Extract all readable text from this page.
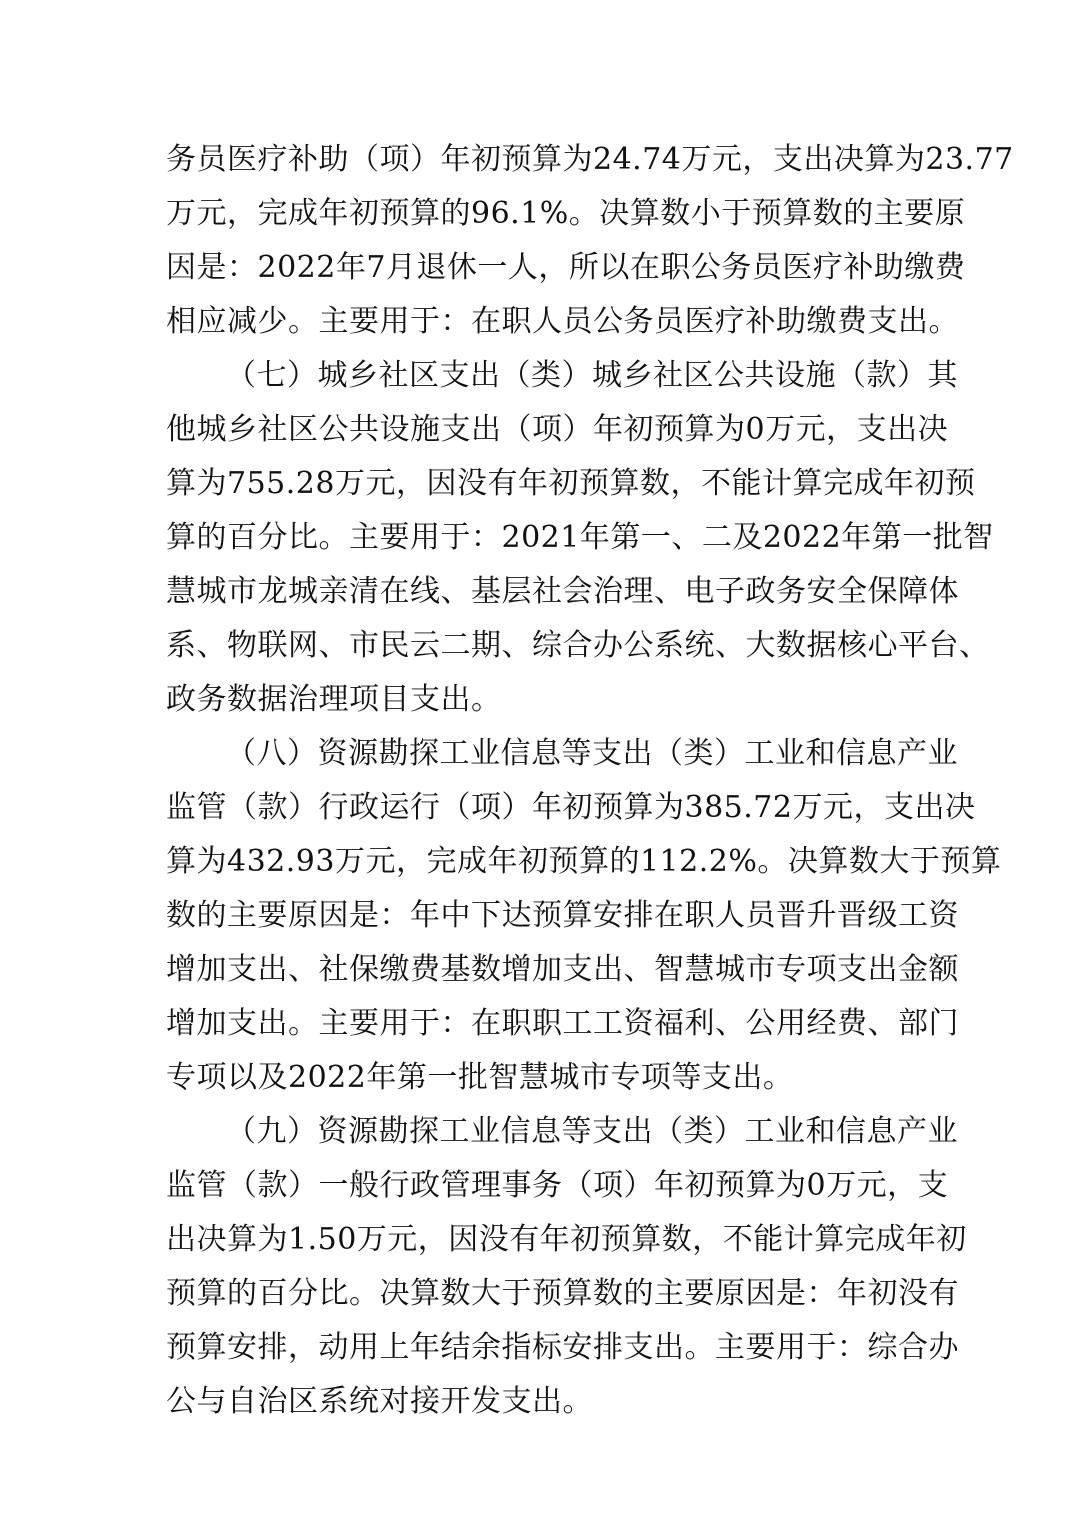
务员医疗补助（项）年初预算为24.74万元，支出决算为23.77
万元，完成年初预算的96.1%。决算数小于预算数的主要原
因是：2022年7月退休一人，所以在职公务员医疗补助缴费
相应减少。主要用于：在职人员公务员医疗补助缴费支出。
（七）城乡社区支出（类）城乡社区公共设施（款）其
他城乡社区公共设施支出（项）年初预算为0万元，支出决
算为755.28万元，因没有年初预算数，不能计算完成年初预
算的百分比。主要用于：2021年第一、二及2022年第一批智
慧城市龙城亲清在线、基层社会治理、电子政务安全保障体
系、物联网、市民云二期、综合办公系统、大数据核心平台、
政务数据治理项目支出。
（八）资源勘探工业信息等支出（类）工业和信息产业
监管（款）行政运行（项）年初预算为385.72万元，支出决
算为432.93万元，完成年初预算的112.2%。决算数大于预算
数的主要原因是：年中下达预算安排在职人员晋升晋级工资
增加支出、社保缴费基数增加支出、智慧城市专项支出金额
增加支出。主要用于：在职职工工资福利、公用经费、部门
专项以及2022年第一批智慧城市专项等支出。
（九）资源勘探工业信息等支出（类）工业和信息产业
监管（款）一般行政管理事务（项）年初预算为0万元，支
出决算为1.50万元，因没有年初预算数，不能计算完成年初
预算的百分比。决算数大于预算数的主要原因是：年初没有
预算安排，动用上年结余指标安排支出。主要用于：综合办
公与自治区系统对接开发支出。
